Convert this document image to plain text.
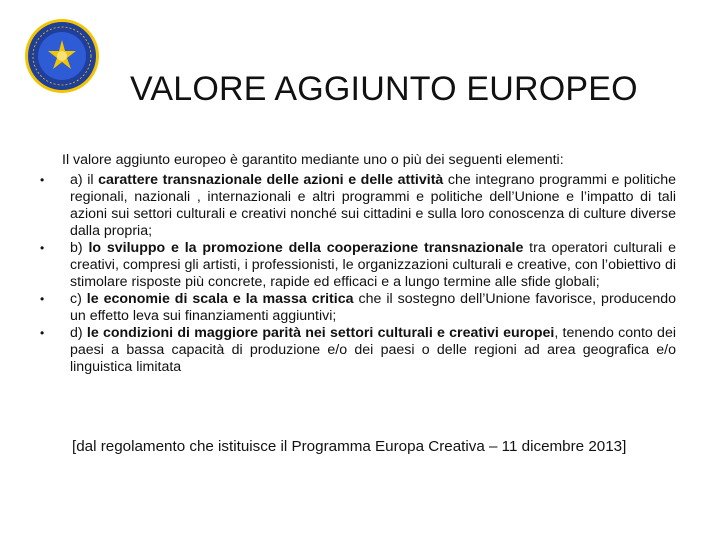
VALORE AGGIUNTO EUROPEO
Il valore aggiunto europeo è garantito mediante uno o più dei seguenti elementi:
• a) il carattere transnazionale delle azioni e delle attività che integrano programmi e politiche regionali, nazionali , internazionali e altri programmi e politiche dell’Unione e l’impatto di tali azioni sui settori culturali e creativi nonché sui cittadini e sulla loro conoscenza di culture diverse dalla propria;
• b) lo sviluppo e la promozione della cooperazione transnazionale tra operatori culturali e creativi, compresi gli artisti, i professionisti, le organizzazioni culturali e creative, con l’obiettivo di stimolare risposte più concrete, rapide ed efficaci e a lungo termine alle sfide globali;
• c) le economie di scala e la massa critica che il sostegno dell’Unione favorisce, producendo un effetto leva sui finanziamenti aggiuntivi;
• d) le condizioni di maggiore parità nei settori culturali e creativi europei, tenendo conto dei paesi a bassa capacità di produzione e/o dei paesi o delle regioni ad area geografica e/o linguistica limitata
[dal regolamento che istituisce il Programma Europa Creativa – 11 dicembre 2013]
